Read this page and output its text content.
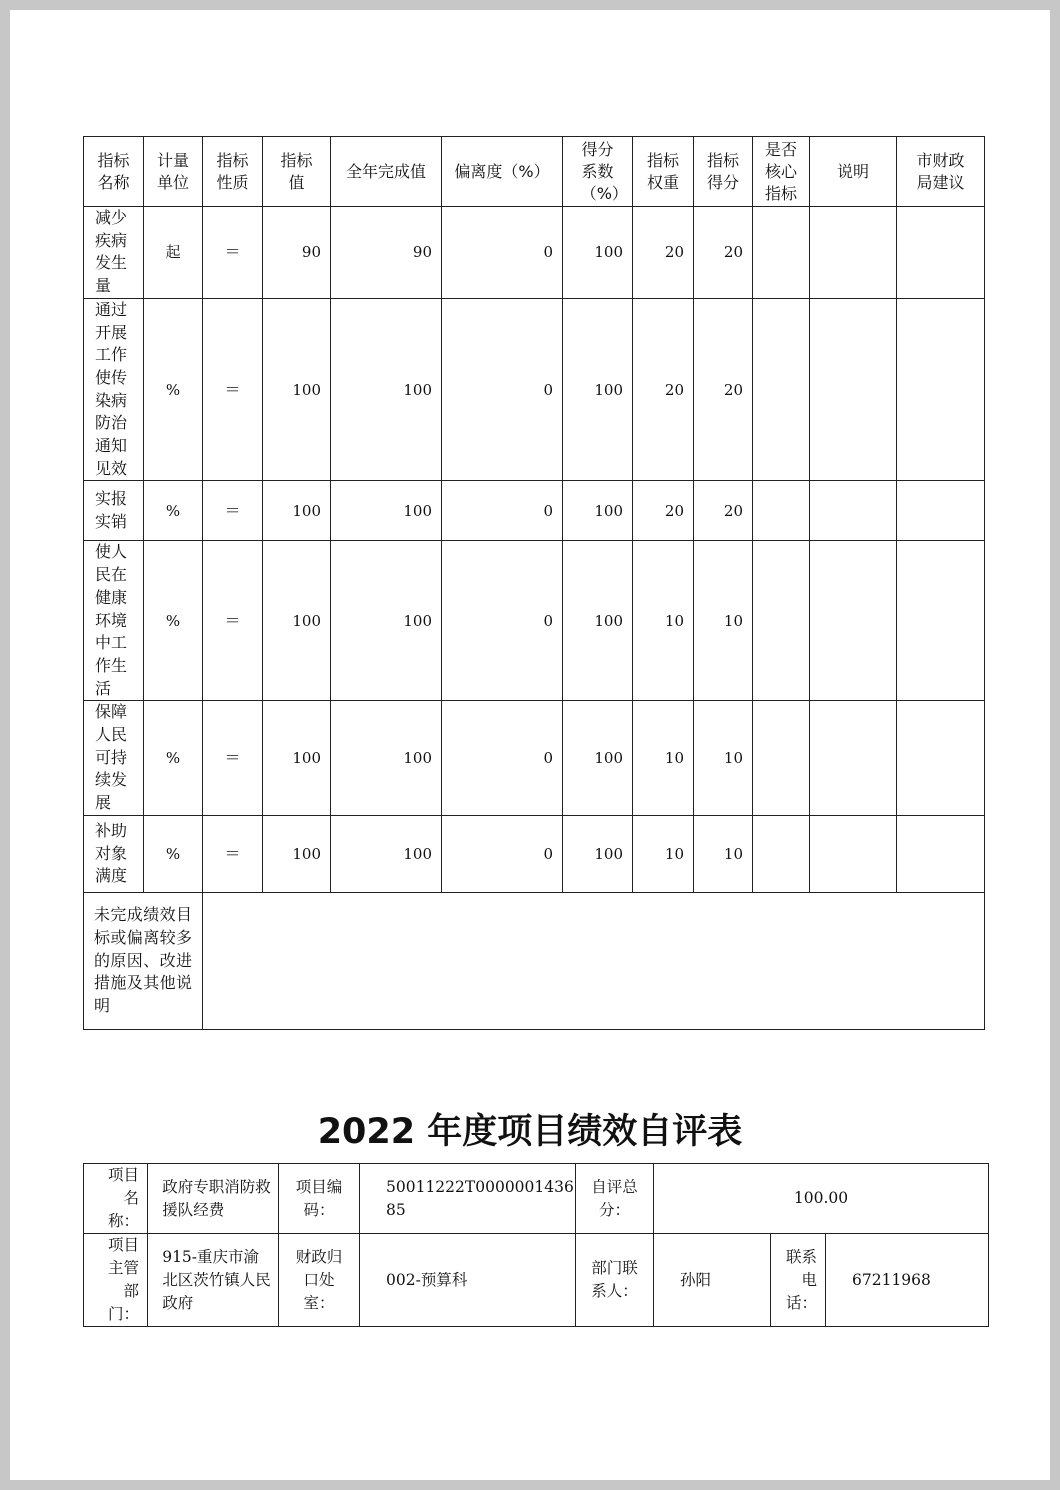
指标名称	计量单位	指标性质	指标值	全年完成值	偏离度（%）	得分系数（%）	指标权重	指标得分	是否核心指标	说明	市财政局建议

减少疾病发生量	起	＝	90	90	0	100	20	20			

通过开展工作使传染病防治通知见效	%	＝	100	100	0	100	20	20			

实报实销	%	＝	100	100	0	100	20	20			

使人民在健康环境中工作生活	%	＝	100	100	0	100	10	10			

保障人民可持续发展	%	＝	100	100	0	100	10	10			

补助对象满度	%	＝	100	100	0	100	10	10			
未完成绩效目标或偏离较多的原因、改进措施及其他说明											
2022 年度项目绩效自评表
项目名称：	政府专职消防救援队经费	项目编码：	50011222T000000143685	自评总分：	100.00		

项目主管部门：	915-重庆市渝北区茨竹镇人民政府	财政归口处室：	002-预算科	部门联系人：	孙阳	联系电话：	67211968
